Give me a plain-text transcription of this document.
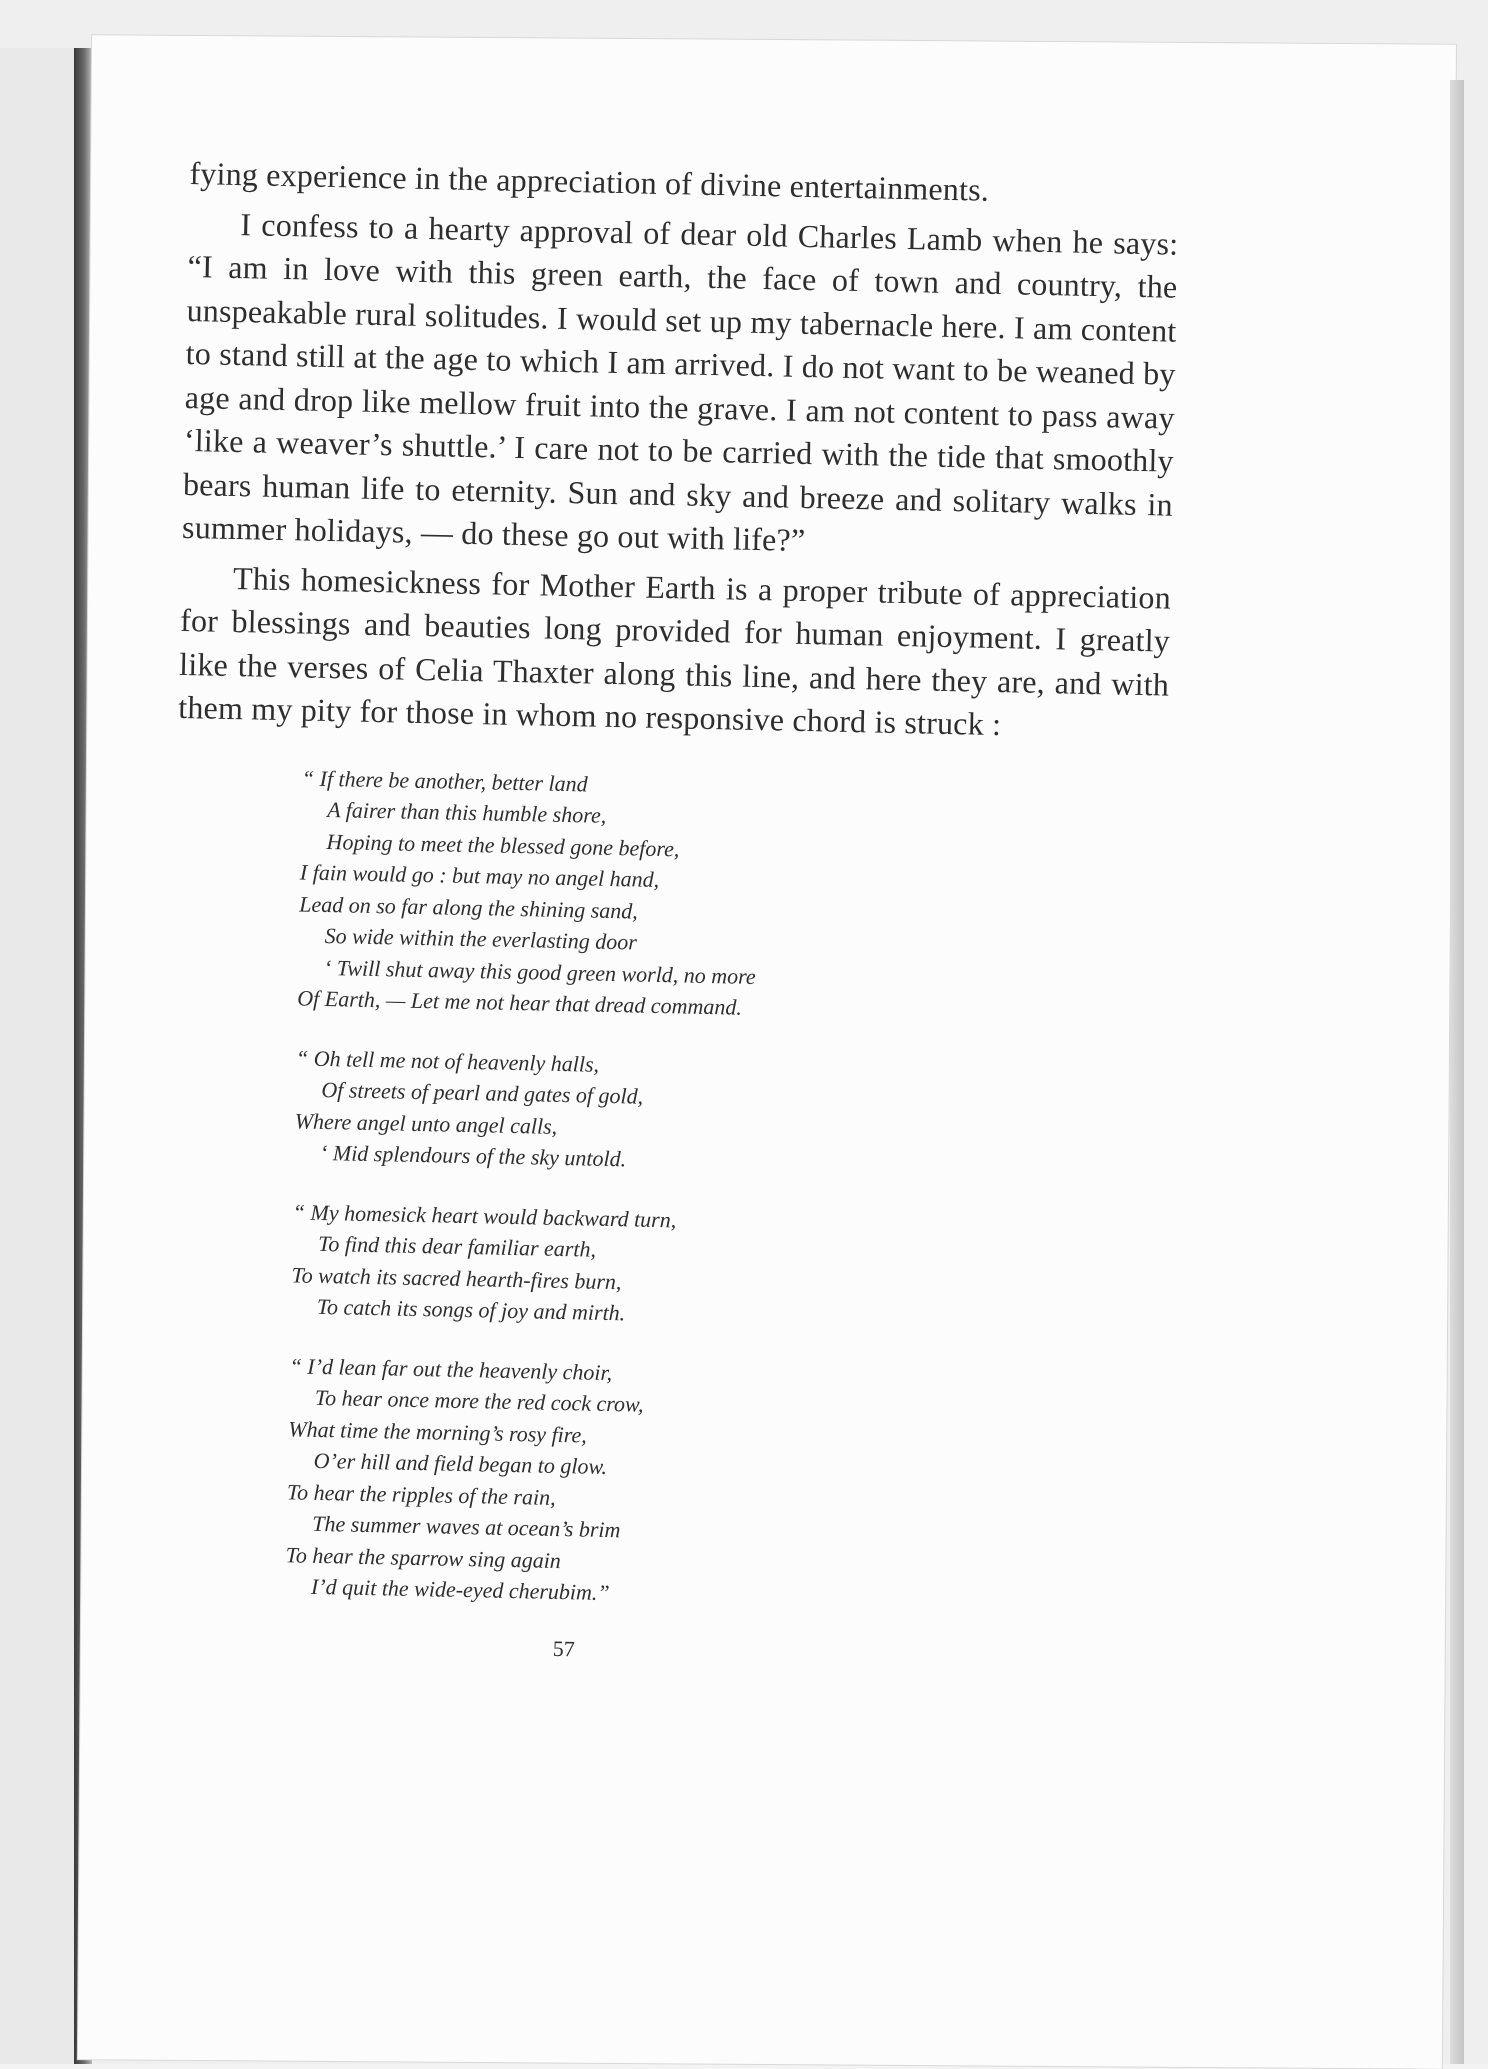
fying experience in the appreciation of divine entertainments.

I confess to a hearty approval of dear old Charles Lamb when he says: “I am in love with this green earth, the face of town and country, the unspeakable rural solitudes. I would set up my tabernacle here. I am content to stand still at the age to which I am arrived. I do not want to be weaned by age and drop like mellow fruit into the grave. I am not content to pass away ‘like a weaver’s shuttle.’ I care not to be carried with the tide that smoothly bears human life to eternity. Sun and sky and breeze and solitary walks in summer holidays, — do these go out with life?”

This homesickness for Mother Earth is a proper tribute of appreciation for blessings and beauties long provided for human enjoyment. I greatly like the verses of Celia Thaxter along this line, and here they are, and with them my pity for those in whom no responsive chord is struck :

“ If there be another, better land
A fairer than this humble shore,
Hoping to meet the blessed gone before,
I fain would go : but may no angel hand,
Lead on so far along the shining sand,
So wide within the everlasting door
‘ Twill shut away this good green world, no more
Of Earth, — Let me not hear that dread command.
“ Oh tell me not of heavenly halls,
Of streets of pearl and gates of gold,
Where angel unto angel calls,
‘ Mid splendours of the sky untold.
“ My homesick heart would backward turn,
To find this dear familiar earth,
To watch its sacred hearth-fires burn,
To catch its songs of joy and mirth.
“ I’d lean far out the heavenly choir,
To hear once more the red cock crow,
What time the morning’s rosy fire,
O’er hill and field began to glow.
To hear the ripples of the rain,
The summer waves at ocean’s brim
To hear the sparrow sing again
I’d quit the wide-eyed cherubim.”
57
